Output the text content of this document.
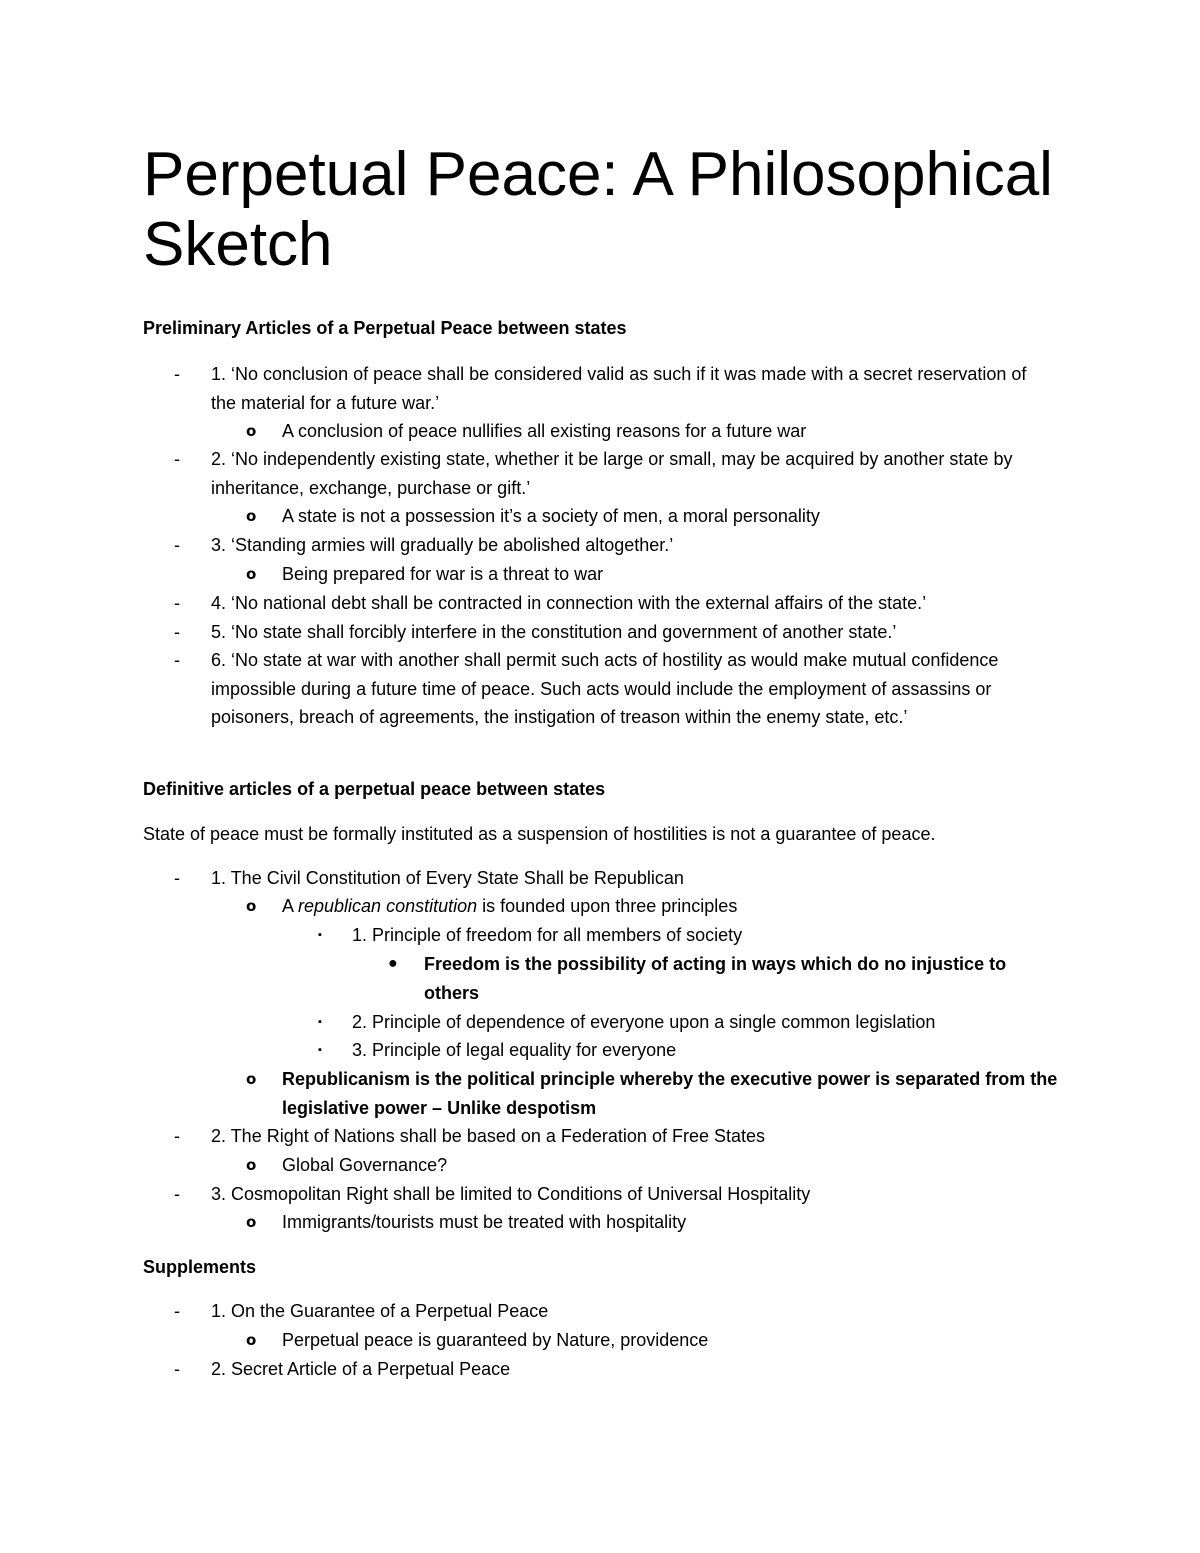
Perpetual Peace: A Philosophical Sketch
Preliminary Articles of a Perpetual Peace between states
-	1. ‘No conclusion of peace shall be considered valid as such if it was made with a secret reservation of the material for a future war.’
o	A conclusion of peace nullifies all existing reasons for a future war
-	2. ‘No independently existing state, whether it be large or small, may be acquired by another state by inheritance, exchange, purchase or gift.’
o	A state is not a possession it’s a society of men, a moral personality
-	3. ‘Standing armies will gradually be abolished altogether.’
o	Being prepared for war is a threat to war
-	4. ‘No national debt shall be contracted in connection with the external affairs of the state.’
-	5. ‘No state shall forcibly interfere in the constitution and government of another state.’
-	6. ‘No state at war with another shall permit such acts of hostility as would make mutual confidence impossible during a future time of peace. Such acts would include the employment of assassins or poisoners, breach of agreements, the instigation of treason within the enemy state, etc.’
Definitive articles of a perpetual peace between states
State of peace must be formally instituted as a suspension of hostilities is not a guarantee of peace.
-	1. The Civil Constitution of Every State Shall be Republican
o	A republican constitution is founded upon three principles
▪	1. Principle of freedom for all members of society
●	Freedom is the possibility of acting in ways which do no injustice to others
▪	2. Principle of dependence of everyone upon a single common legislation
▪	3. Principle of legal equality for everyone
o	Republicanism is the political principle whereby the executive power is separated from the legislative power – Unlike despotism
-	2. The Right of Nations shall be based on a Federation of Free States
o	Global Governance?
-	3. Cosmopolitan Right shall be limited to Conditions of Universal Hospitality
o	Immigrants/tourists must be treated with hospitality
Supplements
-	1. On the Guarantee of a Perpetual Peace
o	Perpetual peace is guaranteed by Nature, providence
-	2. Secret Article of a Perpetual Peace
